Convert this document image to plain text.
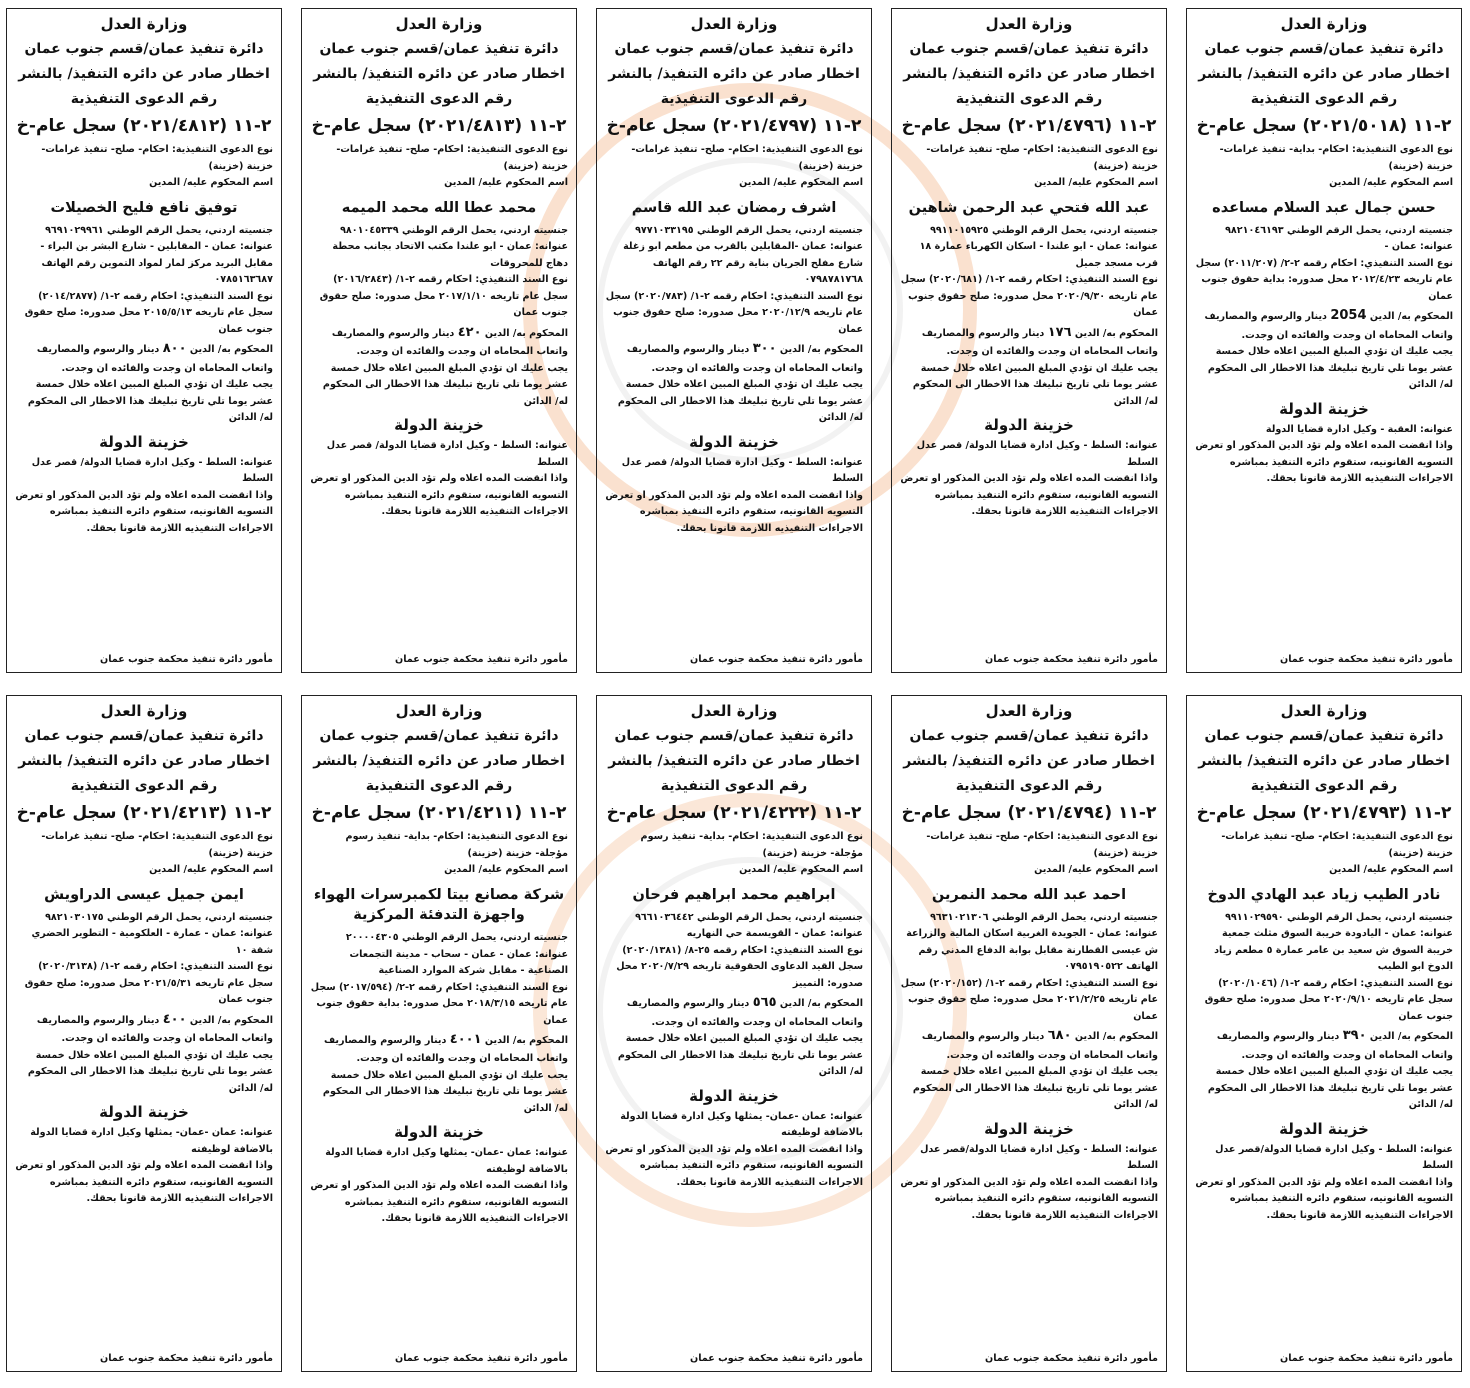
وزارة العدل
دائرة تنفيذ عمان/قسم جنوب عمان
اخطار صادر عن دائره التنفيذ/ بالنشر
رقم الدعوى التنفيذية
٢-١١ (٢٠٢١/٥٠١٨) سجل عام-خ

نوع الدعوى التنفيذية: احكام- بداية- تنفيذ غرامات- خزينة (خزينة)

اسم المحكوم عليه/ المدين

حسن جمال عبد السلام مساعده

جنسيته اردني، يحمل الرقم الوطني ٩٨٢١٠٤٦١٩٣

عنوانه: عمان -

نوع السند التنفيذي: احكام رقمه ٢-٢/ (٢٠١١/٢٠٧) سجل عام تاريخه ٢٠١٢/٤/٢٣ محل صدوره: بداية حقوق جنوب عمان

المحكوم به/ الدين 2054 دينار والرسوم والمصاريف واتعاب المحاماه ان وجدت والفائده ان وجدت.

يجب عليك ان تؤدي المبلغ المبين اعلاه خلال خمسة عشر يوما تلي تاريخ تبليغك هذا الاخطار الى المحكوم له/ الدائن

خزينة الدولة

عنوانه: العقبة - وكيل ادارة قضايا الدولة

واذا انقضت المده اعلاه ولم تؤد الدين المذكور او تعرض التسويه القانونيه، ستقوم دائره التنفيذ بمباشره الاجراءات التنفيذيه اللازمة قانونا بحقك.

مأمور دائرة تنفيذ محكمة جنوب عمان

وزارة العدل
دائرة تنفيذ عمان/قسم جنوب عمان
اخطار صادر عن دائره التنفيذ/ بالنشر
رقم الدعوى التنفيذية
٢-١١ (٢٠٢١/٤٧٩٦) سجل عام-خ

نوع الدعوى التنفيذية: احكام- صلح- تنفيذ غرامات- خزينة (خزينة)

اسم المحكوم عليه/ المدين

عبد الله فتحي عبد الرحمن شاهين

جنسيته اردني، يحمل الرقم الوطني ٩٩١١٠١٥٩٢٥

عنوانه: عمان - ابو علندا - اسكان الكهرباء عمارة ١٨ قرب مسجد جميل

نوع السند التنفيذي: احكام رقمه ٢-١/ (٢٠٢٠/٦٨١) سجل عام تاريخه ٢٠٢٠/٩/٣٠ محل صدوره: صلح حقوق جنوب عمان

المحكوم به/ الدين ١٧٦ دينار والرسوم والمصاريف واتعاب المحاماه ان وجدت والفائده ان وجدت.

يجب عليك ان تؤدي المبلغ المبين اعلاه خلال خمسة عشر يوما تلي تاريخ تبليغك هذا الاخطار الى المحكوم له/ الدائن

خزينة الدولة

عنوانه: السلط - وكيل ادارة قضايا الدولة/ قصر عدل السلط

واذا انقضت المده اعلاه ولم تؤد الدين المذكور او تعرض التسويه القانونيه، ستقوم دائره التنفيذ بمباشره الاجراءات التنفيذيه اللازمة قانونا بحقك.

مأمور دائرة تنفيذ محكمة جنوب عمان

وزارة العدل
دائرة تنفيذ عمان/قسم جنوب عمان
اخطار صادر عن دائره التنفيذ/ بالنشر
رقم الدعوى التنفيذية
٢-١١ (٢٠٢١/٤٧٩٧) سجل عام-خ

نوع الدعوى التنفيذية: احكام- صلح- تنفيذ غرامات- خزينة (خزينة)

اسم المحكوم عليه/ المدين

اشرف رمضان عبد الله قاسم

جنسيته اردني، يحمل الرقم الوطني ٩٧٧١٠٣٣١٩٥

عنوانه: عمان -المقابلين بالقرب من مطعم ابو زغلة شارع مفلح الجريان بناية رقم ٢٢ رقم الهاتف ٠٧٩٨٧٨١٧٦٨

نوع السند التنفيذي: احكام رقمه ٢-١/ (٢٠٢٠/٧٨٣) سجل عام تاريخه ٢٠٢٠/١٢/٩ محل صدوره: صلح حقوق جنوب عمان

المحكوم به/ الدين ٣٠٠ دينار والرسوم والمصاريف واتعاب المحاماه ان وجدت والفائده ان وجدت.

يجب عليك ان تؤدي المبلغ المبين اعلاه خلال خمسة عشر يوما تلي تاريخ تبليغك هذا الاخطار الى المحكوم له/ الدائن

خزينة الدولة

عنوانه: السلط - وكيل ادارة قضايا الدولة/ قصر عدل السلط

واذا انقضت المده اعلاه ولم تؤد الدين المذكور او تعرض التسويه القانونيه، ستقوم دائره التنفيذ بمباشره الاجراءات التنفيذيه اللازمة قانونا بحقك.

مأمور دائرة تنفيذ محكمة جنوب عمان

وزارة العدل
دائرة تنفيذ عمان/قسم جنوب عمان
اخطار صادر عن دائره التنفيذ/ بالنشر
رقم الدعوى التنفيذية
٢-١١ (٢٠٢١/٤٨١٣) سجل عام-خ

نوع الدعوى التنفيذية: احكام- صلح- تنفيذ غرامات- خزينة (خزينة)

اسم المحكوم عليه/ المدين

محمد عطا الله محمد الميمه

جنسيته اردني، يحمل الرقم الوطني ٩٨٠١٠٤٥٣٣٩

عنوانه: عمان - ابو علندا مكتب الاتحاد بجانب محطة دهاج للمحروقات

نوع السند التنفيذي: احكام رقمه ٢-١/ (٢٠١٦/٢٨٤٣) سجل عام تاريخه ٢٠١٧/١/١٠ محل صدوره: صلح حقوق جنوب عمان

المحكوم به/ الدين ٤٢٠ دينار والرسوم والمصاريف واتعاب المحاماه ان وجدت والفائده ان وجدت.

يجب عليك ان تؤدي المبلغ المبين اعلاه خلال خمسة عشر يوما تلي تاريخ تبليغك هذا الاخطار الى المحكوم له/ الدائن

خزينة الدولة

عنوانه: السلط - وكيل ادارة قضايا الدولة/ قصر عدل السلط

واذا انقضت المده اعلاه ولم تؤد الدين المذكور او تعرض التسويه القانونيه، ستقوم دائره التنفيذ بمباشره الاجراءات التنفيذيه اللازمة قانونا بحقك.

مأمور دائرة تنفيذ محكمة جنوب عمان

وزارة العدل
دائرة تنفيذ عمان/قسم جنوب عمان
اخطار صادر عن دائره التنفيذ/ بالنشر
رقم الدعوى التنفيذية
٢-١١ (٢٠٢١/٤٨١٢) سجل عام-خ

نوع الدعوى التنفيذية: احكام- صلح- تنفيذ غرامات- خزينة (خزينة)

اسم المحكوم عليه/ المدين

توفيق نافع فليح الخصيلات

جنسيته اردني، يحمل الرقم الوطني ٩٦٩١٠٢٩٩٦١

عنوانه: عمان - المقابلين - شارع البشر بن البراء - مقابل البريد مركز لمار لمواد التموين رقم الهاتف ٠٧٨٥١٦٣٦٨٧

نوع السند التنفيذي: احكام رقمه ٢-١/ (٢٠١٤/٢٨٧٧) سجل عام تاريخه ٢٠١٥/٥/١٣ محل صدوره: صلح حقوق جنوب عمان

المحكوم به/ الدين ٨٠٠ دينار والرسوم والمصاريف واتعاب المحاماه ان وجدت والفائده ان وجدت.

يجب عليك ان تؤدي المبلغ المبين اعلاه خلال خمسة عشر يوما تلي تاريخ تبليغك هذا الاخطار الى المحكوم له/ الدائن

خزينة الدولة

عنوانه: السلط - وكيل ادارة قضايا الدولة/ قصر عدل السلط

واذا انقضت المده اعلاه ولم تؤد الدين المذكور او تعرض التسويه القانونيه، ستقوم دائره التنفيذ بمباشره الاجراءات التنفيذيه اللازمة قانونا بحقك.

مأمور دائرة تنفيذ محكمة جنوب عمان

وزارة العدل
دائرة تنفيذ عمان/قسم جنوب عمان
اخطار صادر عن دائره التنفيذ/ بالنشر
رقم الدعوى التنفيذية
٢-١١ (٢٠٢١/٤٧٩٣) سجل عام-خ

نوع الدعوى التنفيذية: احكام- صلح- تنفيذ غرامات- خزينة (خزينة)

اسم المحكوم عليه/ المدين

نادر الطيب زياد عبد الهادي الدوخ

جنسيته اردني، يحمل الرقم الوطني ٩٩١١٠٢٩٥٩٠

عنوانه: عمان - اليادودة خريبة السوق مثلث جمعية خريبة السوق ش سعيد بن عامر عمارة ٥ مطعم زياد الدوخ ابو الطيب

نوع السند التنفيذي: احكام رقمه ٢-١/ (٢٠٢٠/١٠٤٦) سجل عام تاريخه ٢٠٢٠/٩/١٠ محل صدوره: صلح حقوق جنوب عمان

المحكوم به/ الدين ٣٩٠ دينار والرسوم والمصاريف واتعاب المحاماه ان وجدت والفائده ان وجدت.

يجب عليك ان تؤدي المبلغ المبين اعلاه خلال خمسة عشر يوما تلي تاريخ تبليغك هذا الاخطار الى المحكوم له/ الدائن

خزينة الدولة

عنوانه: السلط - وكيل ادارة قضايا الدولة/قصر عدل السلط

واذا انقضت المده اعلاه ولم تؤد الدين المذكور او تعرض التسويه القانونيه، ستقوم دائره التنفيذ بمباشره الاجراءات التنفيذيه اللازمة قانونا بحقك.

مأمور دائرة تنفيذ محكمة جنوب عمان

وزارة العدل
دائرة تنفيذ عمان/قسم جنوب عمان
اخطار صادر عن دائره التنفيذ/ بالنشر
رقم الدعوى التنفيذية
٢-١١ (٢٠٢١/٤٧٩٤) سجل عام-خ

نوع الدعوى التنفيذية: احكام- صلح- تنفيذ غرامات- خزينة (خزينة)

اسم المحكوم عليه/ المدين

احمد عبد الله محمد النمرين

جنسيته اردني، يحمل الرقم الوطني ٩٦٣١٠٢١٣٠٦

عنوانه: عمان - الجويدة الغربية اسكان المالية والزراعة ش عيسى القطارنة مقابل بوابة الدفاع المدني رقم الهاتف ٠٧٩٥١٩٠٥٢٢

نوع السند التنفيذي: احكام رقمه ٢-١/ (٢٠٢٠/١٥٢) سجل عام تاريخه ٢٠٢١/٢/٢٥ محل صدوره: صلح حقوق جنوب عمان

المحكوم به/ الدين ٦٨٠ دينار والرسوم والمصاريف واتعاب المحاماه ان وجدت والفائده ان وجدت.

يجب عليك ان تؤدي المبلغ المبين اعلاه خلال خمسة عشر يوما تلي تاريخ تبليغك هذا الاخطار الى المحكوم له/ الدائن

خزينة الدولة

عنوانه: السلط - وكيل ادارة قضايا الدولة/قصر عدل السلط

واذا انقضت المده اعلاه ولم تؤد الدين المذكور او تعرض التسويه القانونيه، ستقوم دائره التنفيذ بمباشره الاجراءات التنفيذيه اللازمة قانونا بحقك.

مأمور دائرة تنفيذ محكمة جنوب عمان

وزارة العدل
دائرة تنفيذ عمان/قسم جنوب عمان
اخطار صادر عن دائره التنفيذ/ بالنشر
رقم الدعوى التنفيذية
٢-١١ (٢٠٢١/٤٢٢٢) سجل عام-خ

نوع الدعوى التنفيذية: احكام- بداية- تنفيذ رسوم مؤجلة- خزينة (خزينة)

اسم المحكوم عليه/ المدين

ابراهيم محمد ابراهيم فرحان

جنسيته اردني، يحمل الرقم الوطني ٩٦٦١٠٣٦٤٤٢

عنوانه: عمان - القويسمة حي النهاريه

نوع السند التنفيذي: احكام رقمه ٢٥-٨/ (٢٠٢٠/١٣٨١) سجل القيد الدعاوى الحقوقية تاريخه ٢٠٢٠/٧/٢٩ محل صدوره: التمييز

المحكوم به/ الدين ٥٦٥ دينار والرسوم والمصاريف واتعاب المحاماه ان وجدت والفائده ان وجدت.

يجب عليك ان تؤدي المبلغ المبين اعلاه خلال خمسة عشر يوما تلي تاريخ تبليغك هذا الاخطار الى المحكوم له/ الدائن

خزينة الدولة

عنوانه: عمان -عمان- يمثلها وكيل ادارة قضايا الدولة بالاضافة لوظيفته

واذا انقضت المده اعلاه ولم تؤد الدين المذكور او تعرض التسويه القانونيه، ستقوم دائره التنفيذ بمباشره الاجراءات التنفيذيه اللازمة قانونا بحقك.

مأمور دائرة تنفيذ محكمة جنوب عمان

وزارة العدل
دائرة تنفيذ عمان/قسم جنوب عمان
اخطار صادر عن دائره التنفيذ/ بالنشر
رقم الدعوى التنفيذية
٢-١١ (٢٠٢١/٤٢١١) سجل عام-خ

نوع الدعوى التنفيذية: احكام- بداية- تنفيذ رسوم مؤجلة- خزينة (خزينة)

اسم المحكوم عليه/ المدين

شركة مصانع بيتا لكمبرسرات الهواء واجهزة التدفئة المركزية

جنسيته اردني، يحمل الرقم الوطني ٢٠٠٠٠٤٣٠٥

عنوانه: عمان - عمان - سحاب - مدينة التجمعات الصناعية - مقابل شركة الموارد الصناعية

نوع السند التنفيذي: احكام رقمه ٢-٢/ (٢٠١٧/٥٩٤) سجل عام تاريخه ٢٠١٨/٣/١٥ محل صدوره: بداية حقوق جنوب عمان

المحكوم به/ الدين ٤٠٠١ دينار والرسوم والمصاريف واتعاب المحاماه ان وجدت والفائده ان وجدت.

يجب عليك ان تؤدي المبلغ المبين اعلاه خلال خمسة عشر يوما تلي تاريخ تبليغك هذا الاخطار الى المحكوم له/ الدائن

خزينة الدولة

عنوانه: عمان -عمان- يمثلها وكيل ادارة قضايا الدولة بالاضافة لوظيفته

واذا انقضت المده اعلاه ولم تؤد الدين المذكور او تعرض التسويه القانونيه، ستقوم دائره التنفيذ بمباشره الاجراءات التنفيذيه اللازمة قانونا بحقك.

مأمور دائرة تنفيذ محكمة جنوب عمان

وزارة العدل
دائرة تنفيذ عمان/قسم جنوب عمان
اخطار صادر عن دائره التنفيذ/ بالنشر
رقم الدعوى التنفيذية
٢-١١ (٢٠٢١/٤٢١٣) سجل عام-خ

نوع الدعوى التنفيذية: احكام- صلح- تنفيذ غرامات- خزينة (خزينة)

اسم المحكوم عليه/ المدين

ايمن جميل عيسى الدراويش

جنسيته اردني، يحمل الرقم الوطني ٩٨٢١٠٣٠١٧٥

عنوانه: عمان - عمارة - العلكومية - التطوير الحضري شقة ١٠

نوع السند التنفيذي: احكام رقمه ٢-١/ (٢٠٢٠/٣١٣٨) سجل عام تاريخه ٢٠٢١/٥/٣١ محل صدوره: صلح حقوق جنوب عمان

المحكوم به/ الدين ٤٠٠ دينار والرسوم والمصاريف واتعاب المحاماه ان وجدت والفائده ان وجدت.

يجب عليك ان تؤدي المبلغ المبين اعلاه خلال خمسة عشر يوما تلي تاريخ تبليغك هذا الاخطار الى المحكوم له/ الدائن

خزينة الدولة

عنوانه: عمان -عمان- يمثلها وكيل ادارة قضايا الدولة بالاضافة لوظيفته

واذا انقضت المده اعلاه ولم تؤد الدين المذكور او تعرض التسويه القانونيه، ستقوم دائره التنفيذ بمباشره الاجراءات التنفيذيه اللازمة قانونا بحقك.

مأمور دائرة تنفيذ محكمة جنوب عمان
